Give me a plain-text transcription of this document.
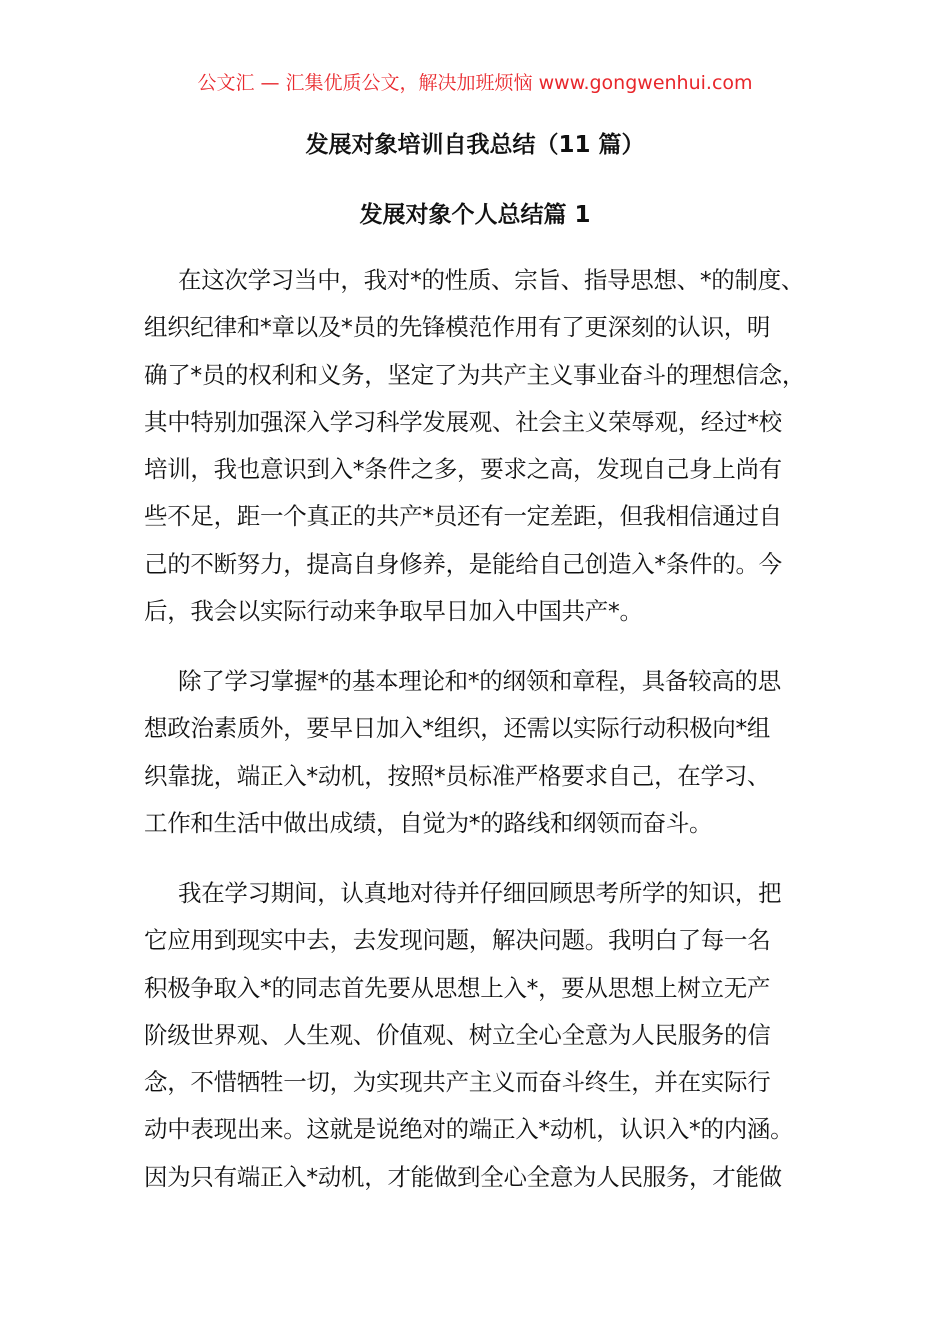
公文汇 — 汇集优质公文，解决加班烦恼 www.gongwenhui.com
发展对象培训自我总结（11 篇）
发展对象个人总结篇 1
在这次学习当中，我对*的性质、宗旨、指导思想、*的制度、
组织纪律和*章以及*员的先锋模范作用有了更深刻的认识，明
确了*员的权利和义务，坚定了为共产主义事业奋斗的理想信念，
其中特别加强深入学习科学发展观、社会主义荣辱观，经过*校
培训，我也意识到入*条件之多，要求之高，发现自己身上尚有
些不足，距一个真正的共产*员还有一定差距，但我相信通过自
己的不断努力，提高自身修养，是能给自己创造入*条件的。今
后，我会以实际行动来争取早日加入中国共产*。
除了学习掌握*的基本理论和*的纲领和章程，具备较高的思
想政治素质外，要早日加入*组织，还需以实际行动积极向*组
织靠拢，端正入*动机，按照*员标准严格要求自己，在学习、
工作和生活中做出成绩，自觉为*的路线和纲领而奋斗。
我在学习期间，认真地对待并仔细回顾思考所学的知识，把
它应用到现实中去，去发现问题，解决问题。我明白了每一名
积极争取入*的同志首先要从思想上入*，要从思想上树立无产
阶级世界观、人生观、价值观、树立全心全意为人民服务的信
念，不惜牺牲一切，为实现共产主义而奋斗终生，并在实际行
动中表现出来。这就是说绝对的端正入*动机，认识入*的内涵。
因为只有端正入*动机，才能做到全心全意为人民服务，才能做
